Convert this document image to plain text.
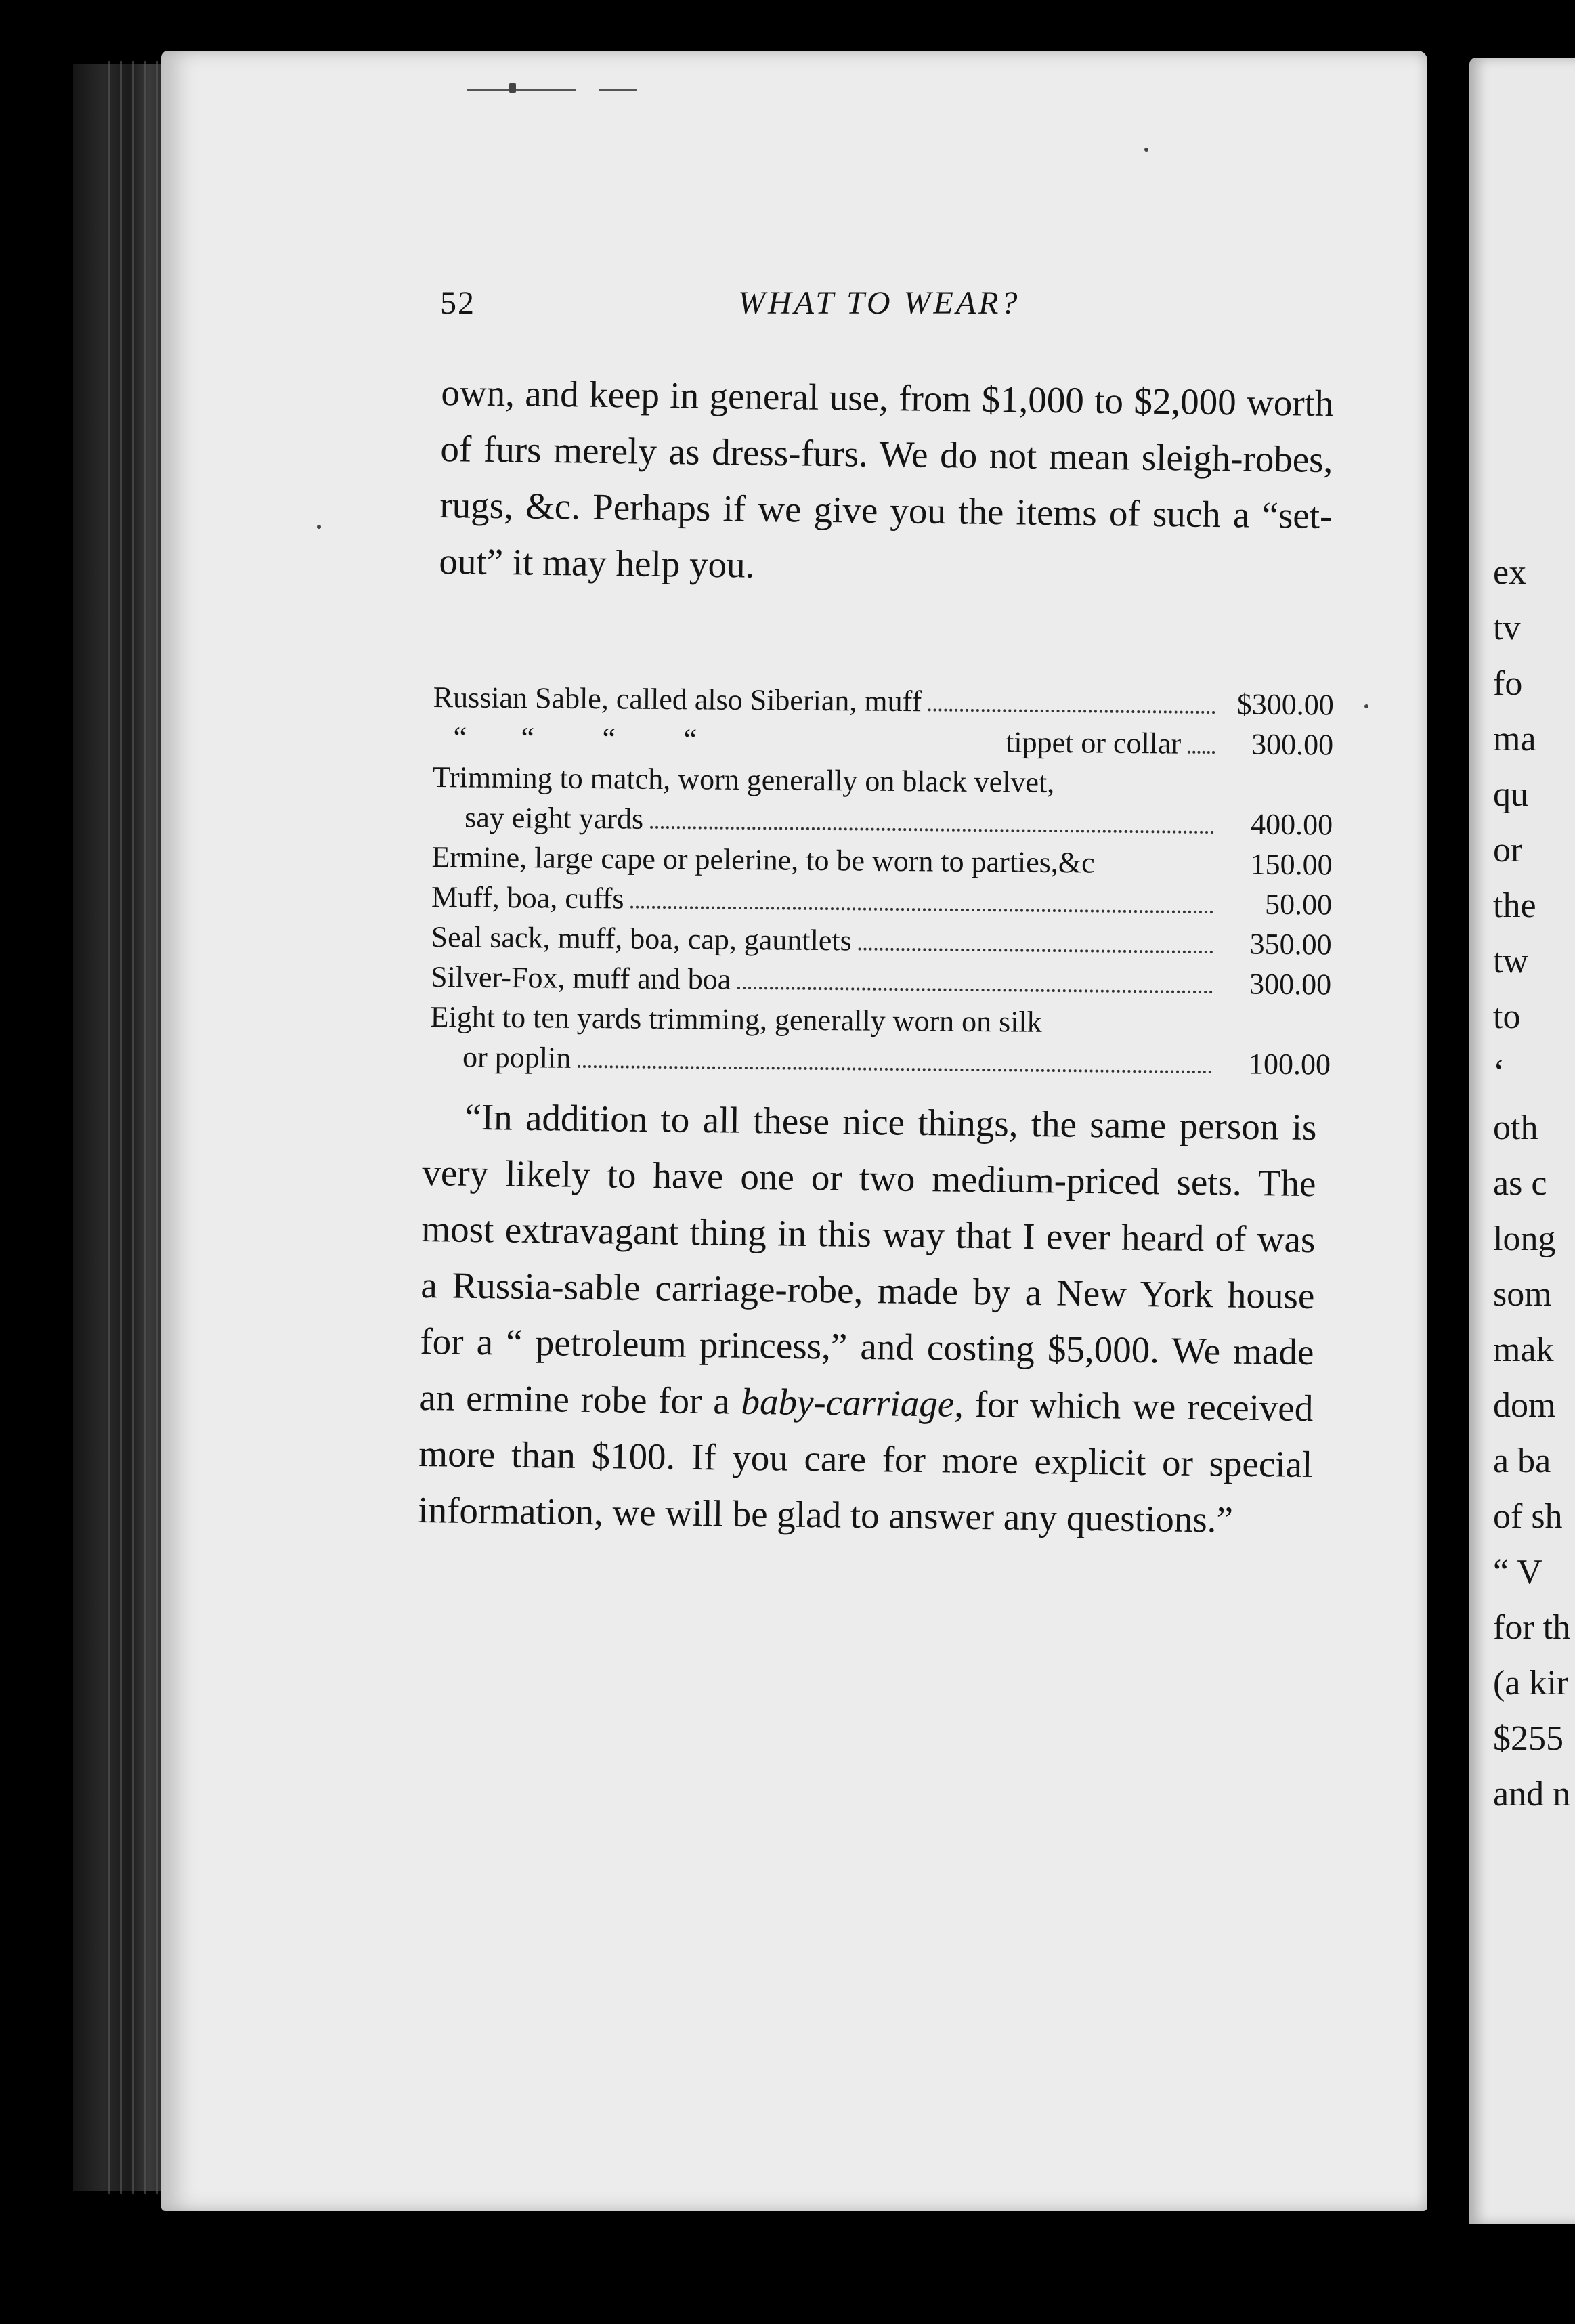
52	WHAT TO WEAR?

own, and keep in general use, from $1,000 to $2,000 worth of furs merely as dress-furs. We do not mean sleigh-robes, rugs, &c. Perhaps if we give you the items of such a “set-out” it may help you.

Russian Sable, called also Siberian, muff	$300.00
“ “ “ “	tippet or collar	300.00
Trimming to match, worn generally on black velvet,
say eight yards	400.00
Ermine, large cape or pelerine, to be worn to parties,&c	150.00
Muff, boa, cuffs	50.00
Seal sack, muff, boa, cap, gauntlets	350.00
Silver-Fox, muff and boa	300.00
Eight to ten yards trimming, generally worn on silk
or poplin	100.00

“In addition to all these nice things, the same person is very likely to have one or two medium-priced sets. The most extravagant thing in this way that I ever heard of was a Russia-sable carriage-robe, made by a New York house for a “ petroleum princess,” and costing $5,000. We made an ermine robe for a baby-carriage, for which we received more than $100. If you care for more explicit or special information, we will be glad to answer any questions.”

ex
tv
fo
ma
qu
or
the
tw
to
‘
oth
as c
long
som
mak
dom
a ba
of sh
“ V
for th
(a kir
$255
and n
